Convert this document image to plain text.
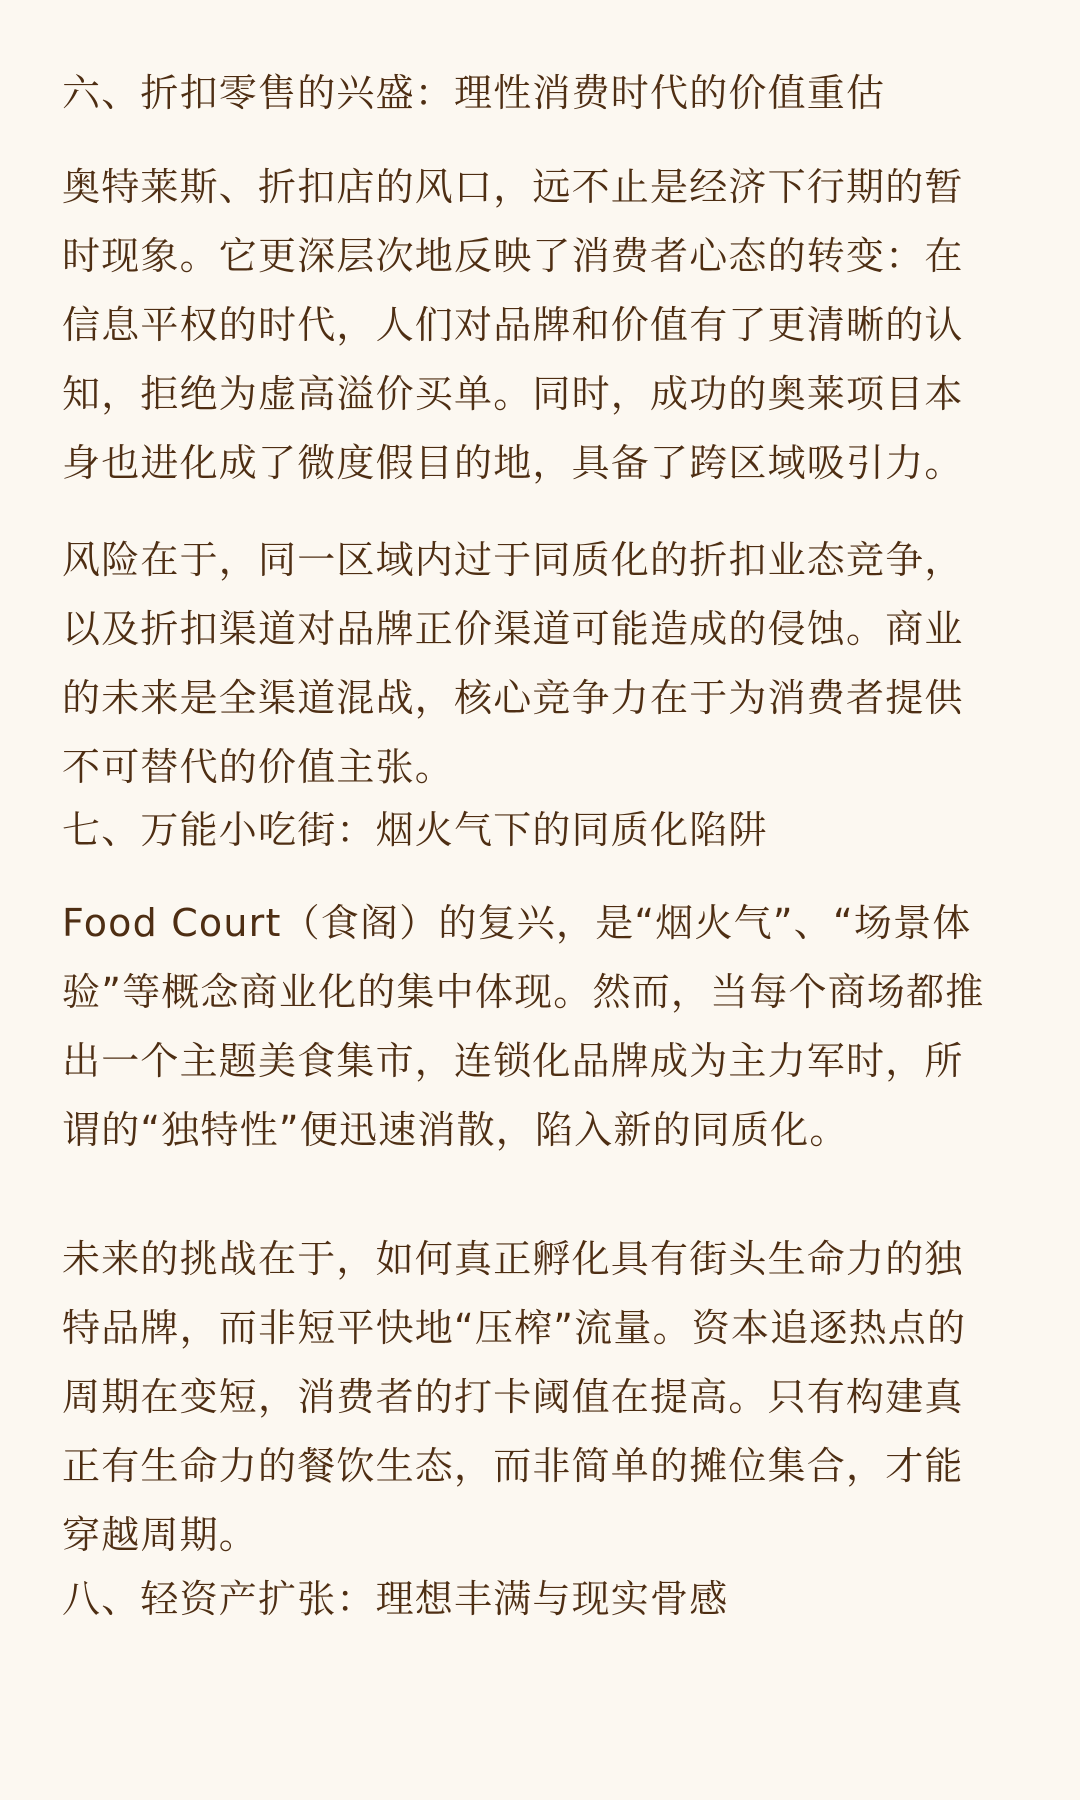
六、折扣零售的兴盛：理性消费时代的价值重估

奥特莱斯、折扣店的风口，远不止是经济下行期的暂
时现象。它更深层次地反映了消费者心态的转变：在
信息平权的时代，人们对品牌和价值有了更清晰的认
知，拒绝为虚高溢价买单。同时，成功的奥莱项目本
身也进化成了微度假目的地，具备了跨区域吸引力。

风险在于，同一区域内过于同质化的折扣业态竞争，
以及折扣渠道对品牌正价渠道可能造成的侵蚀。商业
的未来是全渠道混战，核心竞争力在于为消费者提供
不可替代的价值主张。

七、万能小吃街：烟火气下的同质化陷阱

Food Court（食阁）的复兴，是“烟火气”、“场景体
验”等概念商业化的集中体现。然而，当每个商场都推
出一个主题美食集市，连锁化品牌成为主力军时，所
谓的“独特性”便迅速消散，陷入新的同质化。

未来的挑战在于，如何真正孵化具有街头生命力的独
特品牌，而非短平快地“压榨”流量。资本追逐热点的
周期在变短，消费者的打卡阈值在提高。只有构建真
正有生命力的餐饮生态，而非简单的摊位集合，才能
穿越周期。

八、轻资产扩张：理想丰满与现实骨感
